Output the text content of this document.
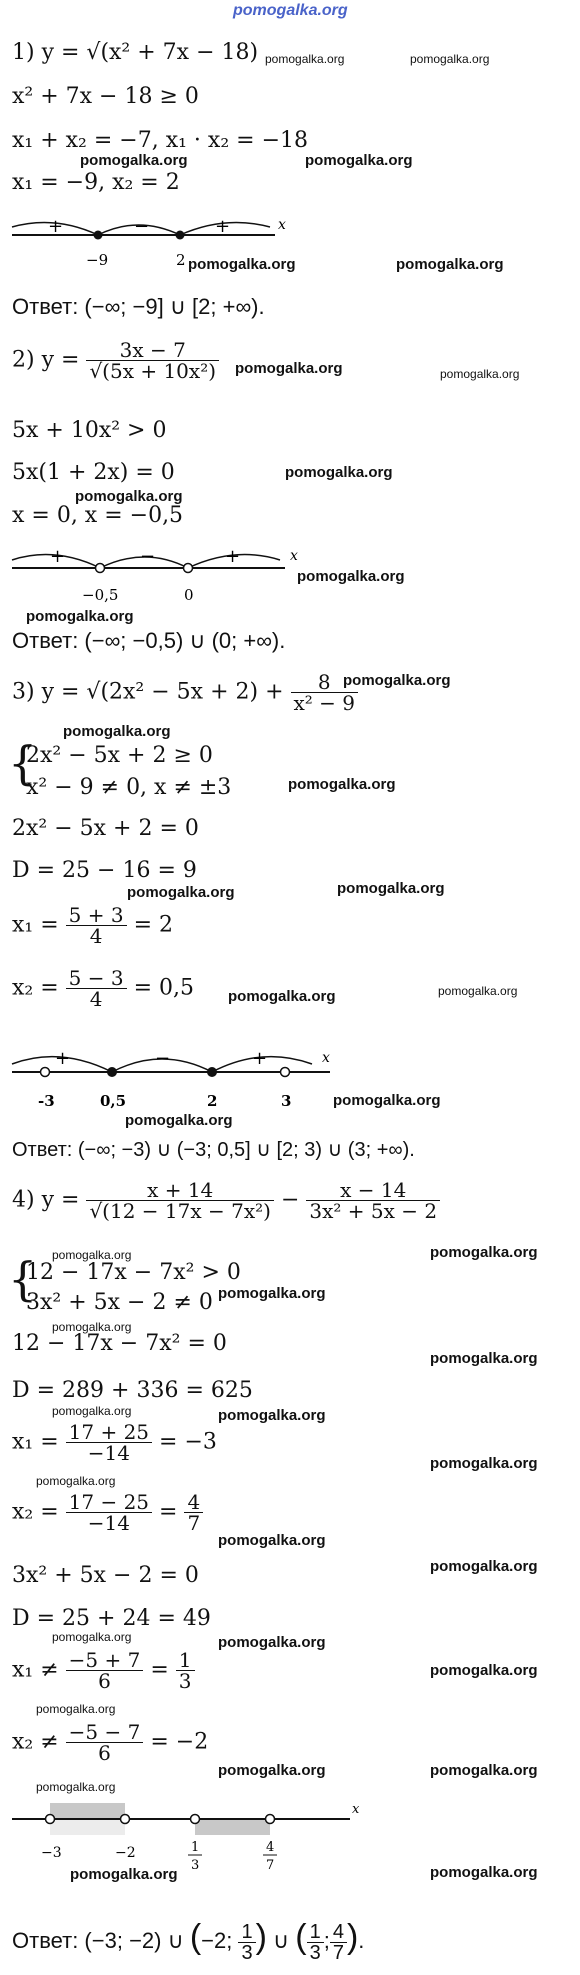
pomogalka.org
1) y = √(x² + 7x − 18)
x² + 7x − 18 ≥ 0
x₁ + x₂ = −7, x₁ · x₂ = −18
x₁ = −9, x₂ = 2
+	−	+	x
−9	2
Ответ: (−∞; −9] ∪ [2; +∞).
pomogalka.org	pomogalka.org
pomogalka.org	pomogalka.org
pomogalka.org	pomogalka.org
2) $y = \frac{3x - 7}{\text{√(5x + 10x²)}}$
5x + 10x² > 0
5x(1 + 2x) = 0
x = 0, x = −0,5
+	−	+	x
−0,5	0
Ответ: (−∞; −0,5) ∪ (0; +∞).
pomogalka.org	pomogalka.org
pomogalka.org
pomogalka.org
pomogalka.org
pomogalka.org
3) $y = √(2x^2 - 5x + 2) + \frac{8}{\text{x² − 9}}$
{
2x² − 5x + 2 ≥ 0
x² − 9 ≠ 0, x ≠ ±3
2x² − 5x + 2 = 0
D = 25 − 16 = 9
$x_1 = \frac{5 + 3}{4} = 2$
$x_2 = \frac{5 - 3}{4} = 0,5$
+	−	+	x
-3	0,5	2	3
Ответ: (−∞; −3) ∪ (−3; 0,5] ∪ [2; 3) ∪ (3; +∞).
pomogalka.org
pomogalka.org
pomogalka.org
pomogalka.org	pomogalka.org
pomogalka.org	pomogalka.org
pomogalka.org
pomogalka.org
4) $y = \frac{x + 14}{\text{√(12 − 17x − 7x²)}} - \frac{x - 14}{\text{3x² + 5x − 2}}$
{
12 − 17x − 7x² > 0
3x² + 5x − 2 ≠ 0
12 − 17x − 7x² = 0
D = 289 + 336 = 625
$x_1 = \frac{17 + 25}{-14} = -3$
$x_2 = \frac{17 - 25}{-14} = \frac{4}{7}$
3x² + 5x − 2 = 0
D = 25 + 24 = 49
$x_1 \ne \frac{-5 + 7}{6} = \frac{1}{3}$
$x_2 \ne \frac{-5 - 7}{6} = -2$
x
−3	−2	1
3
4
7
Ответ: (−3; −2) ∪ (−2; $\frac{1}{3}$ ) ∪ ( $\frac{1}{3}$ ; $\frac{4}{7}$ ).
pomogalka.org	pomogalka.org
pomogalka.org
pomogalka.org
pomogalka.org
pomogalka.org	pomogalka.org
pomogalka.org
pomogalka.org
pomogalka.org
pomogalka.org
pomogalka.org	pomogalka.org
pomogalka.org
pomogalka.org
pomogalka.org	pomogalka.org
pomogalka.org
pomogalka.org	pomogalka.org
